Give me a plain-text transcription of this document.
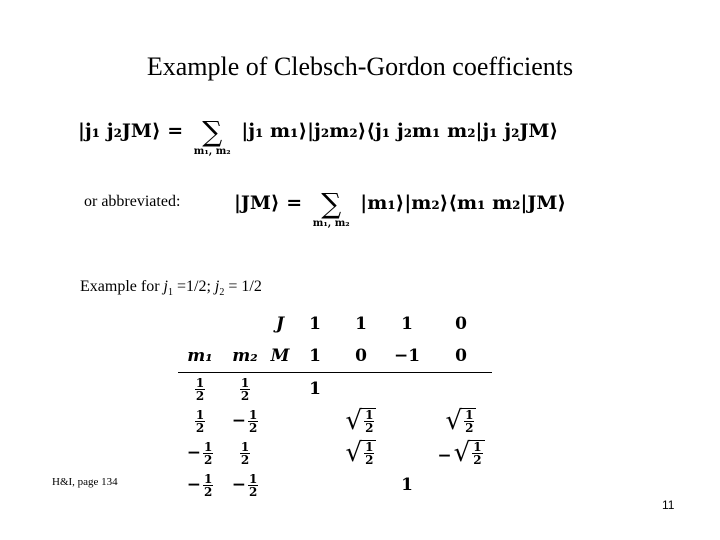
Example of Clebsch-Gordon coefficients
|j₁ j₂JM⟩ = ∑
m₁, m₂
|j₁ m₁⟩|j₂m₂⟩⟨j₁ j₂m₁ m₂|j₁ j₂JM⟩
or abbreviated:	|JM⟩ = ∑
m₁, m₂
|m₁⟩|m₂⟩⟨m₁ m₂|JM⟩
Example for $j_1 =1/2$; $j_2 = 1/2$
		J	1	1	1	0
m₁	m₂	M	1	0	−1	0

$\frac{1}{2}$	$\frac{1}{2}$		1			

$\frac{1}{2}$	− $\frac{1}{2}$			√ $\frac{1}{2}$		√ $\frac{1}{2}$

− $\frac{1}{2}$	$\frac{1}{2}$			√ $\frac{1}{2}$		− √ $\frac{1}{2}$

− $\frac{1}{2}$	− $\frac{1}{2}$				1	
H&I, page 134
11
